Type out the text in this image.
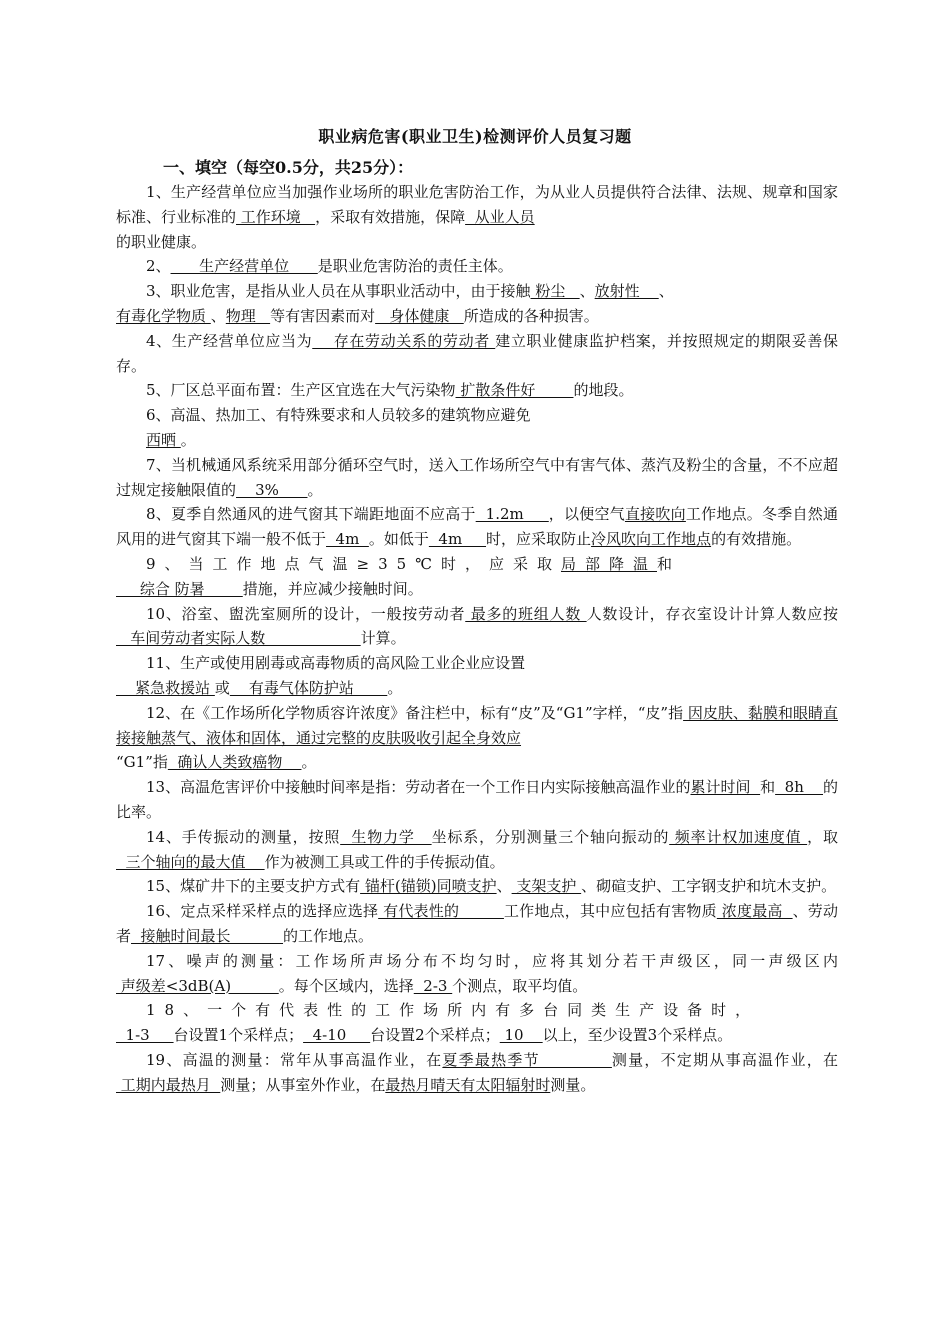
职业病危害(职业卫生)检测评价人员复习题
一、填空（每空0.5分，共25分）：

1、生产经营单位应当加强作业场所的职业危害防治工作，为从业人员提供符合法律、法规、规章和国家标准、行业标准的 工作环境   ，采取有效措施，保障  从业人员

的职业健康。

2、      生产经营单位      是职业危害防治的责任主体。

3、职业危害，是指从业人员在从事职业活动中，由于接触 粉尘   、放射性    、

有毒化学物质 、物理   等有害因素而对   身体健康   所造成的各种损害。

4、生产经营单位应当为    存在劳动关系的劳动者 建立职业健康监护档案，并按照规定的期限妥善保存。

5、厂区总平面布置：生产区宜选在大气污染物 扩散条件好        的地段。

6、高温、热加工、有特殊要求和人员较多的建筑物应避免

西晒 。

7、当机械通风系统采用部分循环空气时，送入工作场所空气中有害气体、蒸汽及粉尘的含量，不不应超过规定接触限值的    3%      。

8、夏季自然通风的进气窗其下端距地面不应高于  1.2m     ，以便空气直接吹向工作地点。冬季自然通风用的进气窗其下端一般不低于  4m  。如低于  4m     时，应采取防止冷风吹向工作地点的有效措施。

9、当工作地点气温≥35℃时，应采取局部降温和

综合 防暑        措施，并应减少接触时间。

10、浴室、盥洗室厕所的设计，一般按劳动者 最多的班组人数 人数设计，存衣室设计计算人数应按   车间劳动者实际人数                    计算。

11、生产或使用剧毒或高毒物质的高风险工业企业应设置

紧急救援站 或    有毒气体防护站       。

12、在《工作场所化学物质容许浓度》备注栏中，标有“皮”及“G1”字样，“皮”指 因皮肤、黏膜和眼睛直接接触蒸气、液体和固体，通过完整的皮肤吸收引起全身效应

“G1”指  确认人类致癌物    。

13、高温危害评价中接触时间率是指：劳动者在一个工作日内实际接触高温作业的累计时间  和  8h    的比率。

14、手传振动的测量，按照  生物力学   坐标系，分别测量三个轴向振动的 频率计权加速度值 ，取  三个轴向的最大值    作为被测工具或工件的手传振动值。

15、煤矿井下的主要支护方式有 锚杆(锚锁)同喷支护、 支架支护 、砌碹支护、工字钢支护和坑木支护。

16、定点采样采样点的选择应选择 有代表性的         工作地点，其中应包括有害物质 浓度最高  、劳动者  接触时间最长           的工作地点。

17、噪声的测量：工作场所声场分布不均匀时，应将其划分若干声级区，同一声级区内 声级差<3dB(A)          。每个区域内，选择  2-3 个测点，取平均值。

18、一个有代表性的工作场所内有多台同类生产设备时，

1-3     台设置1个采样点；  4-10     台设置2个采样点； 10    以上，至少设置3个采样点。

19、高温的测量：常年从事高温作业，在夏季最热季节            测量，不定期从事高温作业，在 工期内最热月  测量；从事室外作业，在最热月晴天有太阳辐射时测量。
